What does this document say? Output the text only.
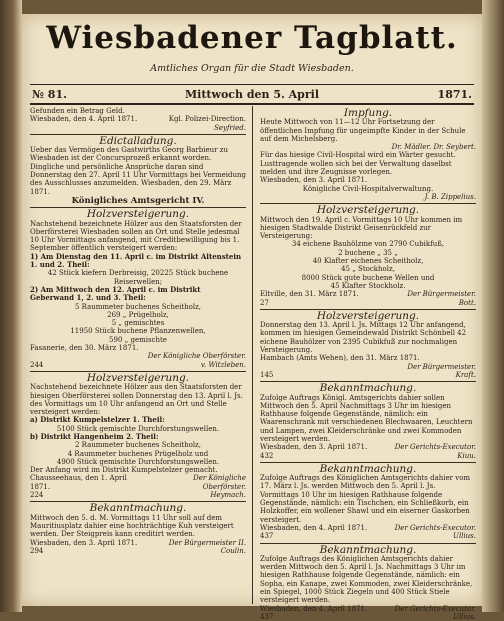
Wiesbadener Tagblatt.
Amtliches Organ für die Stadt Wiesbaden.
№ 81.	Mittwoch den 5. April	1871.

Gefunden ein Betrag Geld.

Wiesbaden, den 4. April 1871.	Kgl. Polizei-Direction.

Seyfried.

Edictalladung.

Ueber das Vermögen des Gastwirths Georg Barbieur zu Wiesbaden ist der Concursprozeß erkannt worden. Dingliche und persönliche Ansprüche daran sind Donnerstag den 27. April 11 Uhr Vormittags bei Vermeidung des Ausschlusses anzumelden. Wiesbaden, den 29. März 1871.

Königliches Amtsgericht IV.
Holzversteigerung.

Nachstehend bezeichnete Hölzer aus den Staatsforsten der Oberförsterei Wiesbaden sollen an Ort und Stelle jedesmal 10 Uhr Vormittags anfangend, mit Creditbewilligung bis 1. September öffentlich versteigert werden:

1) Am Dienstag den 11. April c. im Distrikt Altenstein 1. und 2. Theil:

42 Stück kiefern Derbreisig, 20225 Stück buchene Reiserwellen;

2) Am Mittwoch den 12. April c. im Distrikt Geberwand 1, 2. und 3. Theil:

5 Raummeter buchenes Scheitholz,

269 „ Prügelholz,

5 „ gemischtes

11950 Stück buchene Pflanzenwellen,

590 „ gemischte

Fasanerie, den 30. März 1871.

Der Königliche Oberförster.

244	v. Witzleben.
Holzversteigerung.

Nachstehend bezeichnete Hölzer aus den Staatsforsten der hiesigen Oberförsterei sollen Donnerstag den 13. April l. Js. des Vormittags um 10 Uhr anfangend an Ort und Stelle versteigert werden:

a) Distrikt Kumpelstelzer 1. Theil:

5100 Stück gemischte Durchforstungswellen.

b) Distrikt Hangenheim 2. Theil:

2 Raummeter buchenes Scheitholz,

4 Raummeter buchenes Prügelholz und

4900 Stück gemischte Durchforstungswellen.

Der Anfang wird im Distrikt Kumpelstelzer gemacht.

Chausseehaus, den 1. April 1871.
Der Königliche Oberförster.
224	Heymach.
Bekanntmachung.

Mittwoch den 5. d. M. Vormittags 11 Uhr soll auf dem Mauritiusplatz dahier eine hochträchtige Kuh versteigert werden. Der Steigpreis kann creditirt werden.

Wiesbaden, den 3. April 1871.	Der Bürgermeister II.
294	Coulin.
Impfung.

Heute Mittwoch von 11—12 Uhr Fortsetzung der öffentlichen Impfung für ungeimpfte Kinder in der Schule auf dem Michelsberg.

Dr. Mädler. Dr. Seybert.

Für das hiesige Civil-Hospital wird ein Wärter gesucht. Lusttragende wollen sich bei der Verwaltung daselbst melden und ihre Zeugnisse vorlegen.

Wiesbaden, den 3. April 1871.

Königliche Civil-Hospitalverwaltung.

J. B. Zippelius.

Holzversteigerung.

Mittwoch den 19. April c. Vormittags 10 Uhr kommen im hiesigen Stadtwalde Distrikt Geisenrückfeld zur Versteigerung:

34 eichene Bauhölzme von 2790 Cubikfuß,

2 buchene „ 35 „

40 Klafter eichenes Scheitholz,

45 „ Stockholz,

8000 Stück gute buchene Wellen und

45 Klafter Stockholz.

Eltville, den 31. März 1871.	Der Bürgermeister.
27	Bott.
Holzversteigerung.

Donnerstag den 13. April l. Js. Mittags 12 Uhr anfangend, kommen im hiesigen Gemeindewald Distrikt Schönbell 42 eichene Bauhölzer von 2395 Cubikfuß zur nochmaligen Versteigerung.

Hambach (Amts Wehen), den 31. März 1871.

Der Bürgermeister.

145	Kraft.
Bekanntmachung.

Zufolge Auftrags Königl. Amtsgerichts dahier sollen Mittwoch den 5. April Nachmittags 3 Uhr im hiesigen Rathhause folgende Gegenstände, nämlich: ein Waarenschrank mit verschiedenen Blechwaaren, Leuchtern und Lampen, zwei Kleiderschränke und zwei Kommoden versteigert werden.

Wiesbaden, den 3. April 1871.	Der Gerichts-Executor.
432	Kiuu.
Bekanntmachung.

Zufolge Auftrags des Königlichen Amtsgerichts dahier vom 17. März l. Js. werden Mittwoch den 5. April l. Js. Vormittags 10 Uhr im hiesigen Rathhause folgende Gegenstände, nämlich: ein Tischchen, ein Schließkorb, ein Holzkoffer, ein wollener Shawl und ein eiserner Gaskorben versteigert.

Wiesbaden, den 4. April 1871.	Der Gerichts-Executor.
437	Ullius.
Bekanntmachung.

Zufolge Auftrags des Königlichen Amtsgerichts dahier werden Mittwoch den 5. April l. Js. Nachmittags 3 Uhr im hiesigen Rathhause folgende Gegenstände, nämlich: ein Sopha, ein Kanape, zwei Kommoden, zwei Kleiderschränke, ein Spiegel, 1000 Stück Ziegeln und 400 Stück Stiele versteigert werden.

Wiesbaden, den 4. April 1871.	Der Gerichts-Executor.
437	Ullius.
